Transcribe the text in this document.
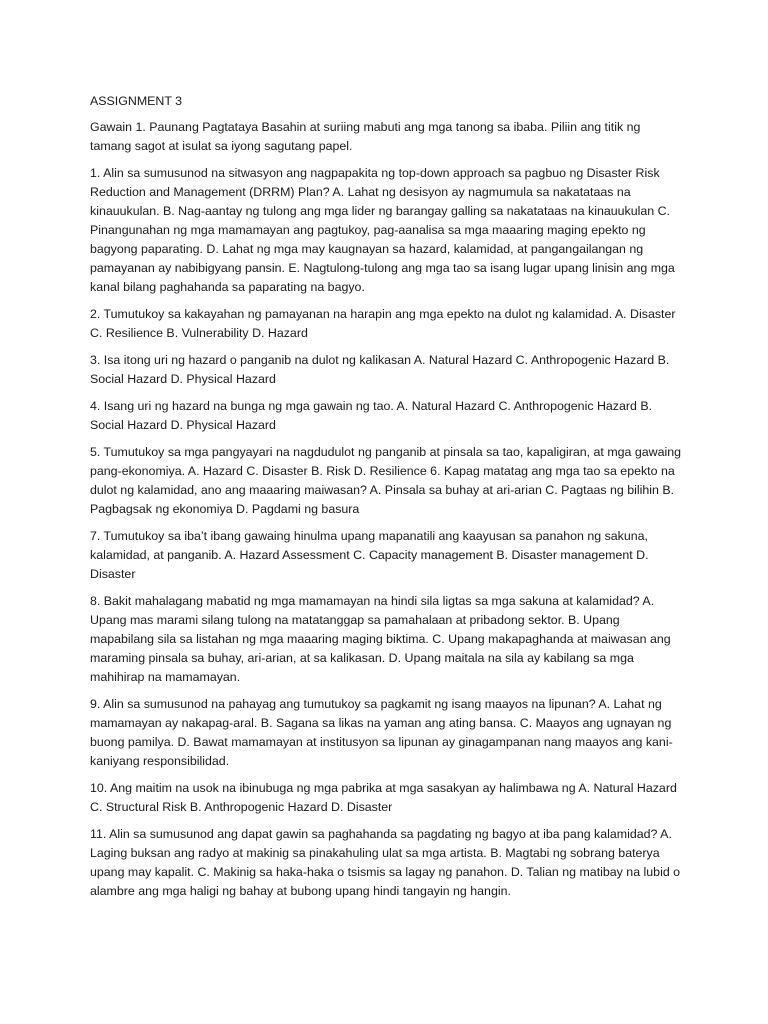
ASSIGNMENT 3

Gawain 1. Paunang Pagtataya Basahin at suriing mabuti ang mga tanong sa ibaba. Piliin ang titik ng tamang sagot at isulat sa iyong sagutang papel.

1. Alin sa sumusunod na sitwasyon ang nagpapakita ng top-down approach sa pagbuo ng Disaster Risk Reduction and Management (DRRM) Plan? A. Lahat ng desisyon ay nagmumula sa nakatataas na kinauukulan. B. Nag-aantay ng tulong ang mga lider ng barangay galling sa nakatataas na kinauukulan C. Pinangunahan ng mga mamamayan ang pagtukoy, pag-aanalisa sa mga maaaring maging epekto ng bagyong paparating. D. Lahat ng mga may kaugnayan sa hazard, kalamidad, at pangangailangan ng pamayanan ay nabibigyang pansin. E. Nagtulong-tulong ang mga tao sa isang lugar upang linisin ang mga kanal bilang paghahanda sa paparating na bagyo.

2. Tumutukoy sa kakayahan ng pamayanan na harapin ang mga epekto na dulot ng kalamidad. A. Disaster C. Resilience B. Vulnerability D. Hazard

3. Isa itong uri ng hazard o panganib na dulot ng kalikasan A. Natural Hazard C. Anthropogenic Hazard B. Social Hazard D. Physical Hazard

4. Isang uri ng hazard na bunga ng mga gawain ng tao. A. Natural Hazard C. Anthropogenic Hazard B. Social Hazard D. Physical Hazard

5. Tumutukoy sa mga pangyayari na nagdudulot ng panganib at pinsala sa tao, kapaligiran, at mga gawaing pang-ekonomiya. A. Hazard C. Disaster B. Risk D. Resilience 6. Kapag matatag ang mga tao sa epekto na dulot ng kalamidad, ano ang maaaring maiwasan? A. Pinsala sa buhay at ari-arian C. Pagtaas ng bilihin B. Pagbagsak ng ekonomiya D. Pagdami ng basura

7. Tumutukoy sa iba’t ibang gawaing hinulma upang mapanatili ang kaayusan sa panahon ng sakuna, kalamidad, at panganib. A. Hazard Assessment C. Capacity management B. Disaster management D. Disaster

8. Bakit mahalagang mabatid ng mga mamamayan na hindi sila ligtas sa mga sakuna at kalamidad? A. Upang mas marami silang tulong na matatanggap sa pamahalaan at pribadong sektor. B. Upang mapabilang sila sa listahan ng mga maaaring maging biktima. C. Upang makapaghanda at maiwasan ang maraming pinsala sa buhay, ari-arian, at sa kalikasan. D. Upang maitala na sila ay kabilang sa mga mahihirap na mamamayan.

9. Alin sa sumusunod na pahayag ang tumutukoy sa pagkamit ng isang maayos na lipunan? A. Lahat ng mamamayan ay nakapag-aral. B. Sagana sa likas na yaman ang ating bansa. C. Maayos ang ugnayan ng buong pamilya. D. Bawat mamamayan at institusyon sa lipunan ay ginagampanan nang maayos ang kani-kaniyang responsibilidad.

10. Ang maitim na usok na ibinubuga ng mga pabrika at mga sasakyan ay halimbawa ng A. Natural Hazard C. Structural Risk B. Anthropogenic Hazard D. Disaster

11. Alin sa sumusunod ang dapat gawin sa paghahanda sa pagdating ng bagyo at iba pang kalamidad? A. Laging buksan ang radyo at makinig sa pinakahuling ulat sa mga artista. B. Magtabi ng sobrang baterya upang may kapalit. C. Makinig sa haka-haka o tsismis sa lagay ng panahon. D. Talian ng matibay na lubid o alambre ang mga haligi ng bahay at bubong upang hindi tangayin ng hangin.
